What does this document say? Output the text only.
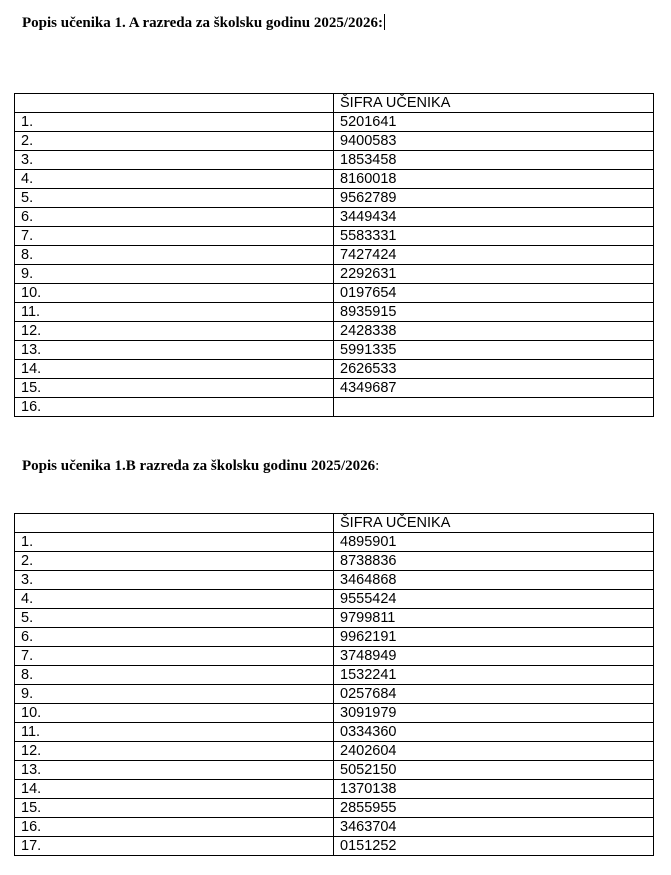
Popis učenika 1. A razreda za školsku godinu 2025/2026:
	ŠIFRA UČENIKA
1.	5201641
2.	9400583
3.	1853458
4.	8160018
5.	9562789
6.	3449434
7.	5583331
8.	7427424
9.	2292631
10.	0197654
11.	8935915
12.	2428338
13.	5991335
14.	2626533
15.	4349687
16.	
Popis učenika 1.B razreda za školsku godinu 2025/2026:
	ŠIFRA UČENIKA
1.	4895901
2.	8738836
3.	3464868
4.	9555424
5.	9799811
6.	9962191
7.	3748949
8.	1532241
9.	0257684
10.	3091979
11.	0334360
12.	2402604
13.	5052150
14.	1370138
15.	2855955
16.	3463704
17.	0151252
